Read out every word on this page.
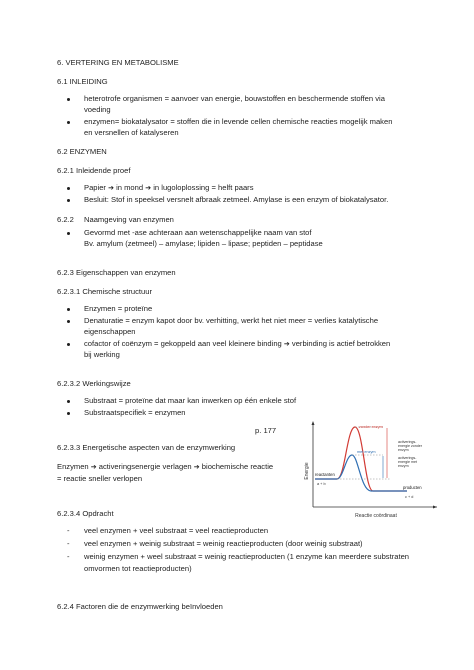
6. VERTERING EN METABOLISME
6.1 INLEIDING
heterotrofe organismen = aanvoer van energie, bouwstoffen en beschermende stoffen via
voeding
enzymen= biokatalysator = stoffen die in levende cellen chemische reacties mogelijk maken
en versnellen of katalyseren
6.2 ENZYMEN
6.2.1 Inleidende proef
Papier ➔ in mond ➔ in lugoloplossing = helft paars
Besluit: Stof in speeksel versnelt afbraak zetmeel. Amylase is een enzym of biokatalysator.
6.2.2 Naamgeving van enzymen
Gevormd met -ase achteraan aan wetenschappelijke naam van stof
Bv. amylum (zetmeel) – amylase; lipiden – lipase; peptiden – peptidase
6.2.3 Eigenschappen van enzymen
6.2.3.1 Chemische structuur
Enzymen = proteïne
Denaturatie = enzym kapot door bv. verhitting, werkt het niet meer = verlies katalytische
eigenschappen
cofactor of coënzym = gekoppeld aan veel kleinere binding ➔ verbinding is actief betrokken
bij werking
6.2.3.2 Werkingswijze
Substraat = proteïne dat maar kan inwerken op één enkele stof
Substraatspecifiek = enzymen
p. 177
6.2.3.3 Energetische aspecten van de enzymwerking
Enzymen ➔ activeringsenergie verlagen ➔ biochemische reactie
= reactie sneller verlopen	Energie
Reactie coördinaat
zonder enzym
met enzym
activerings-
energie zonder
enzym
activerings-
energie met
enzym
reactanten
a + b
producten
c + d
6.2.3.4 Opdracht
- veel enzymen + veel substraat = veel reactieproducten
- veel enzymen + weinig substraat = weinig reactieproducten (door weinig substraat)
- weinig enzymen + weel substraat = weinig reactieproducten (1 enzyme kan meerdere substraten
omvormen tot reactieproducten)
6.2.4 Factoren die de enzymwerking beïnvloeden
